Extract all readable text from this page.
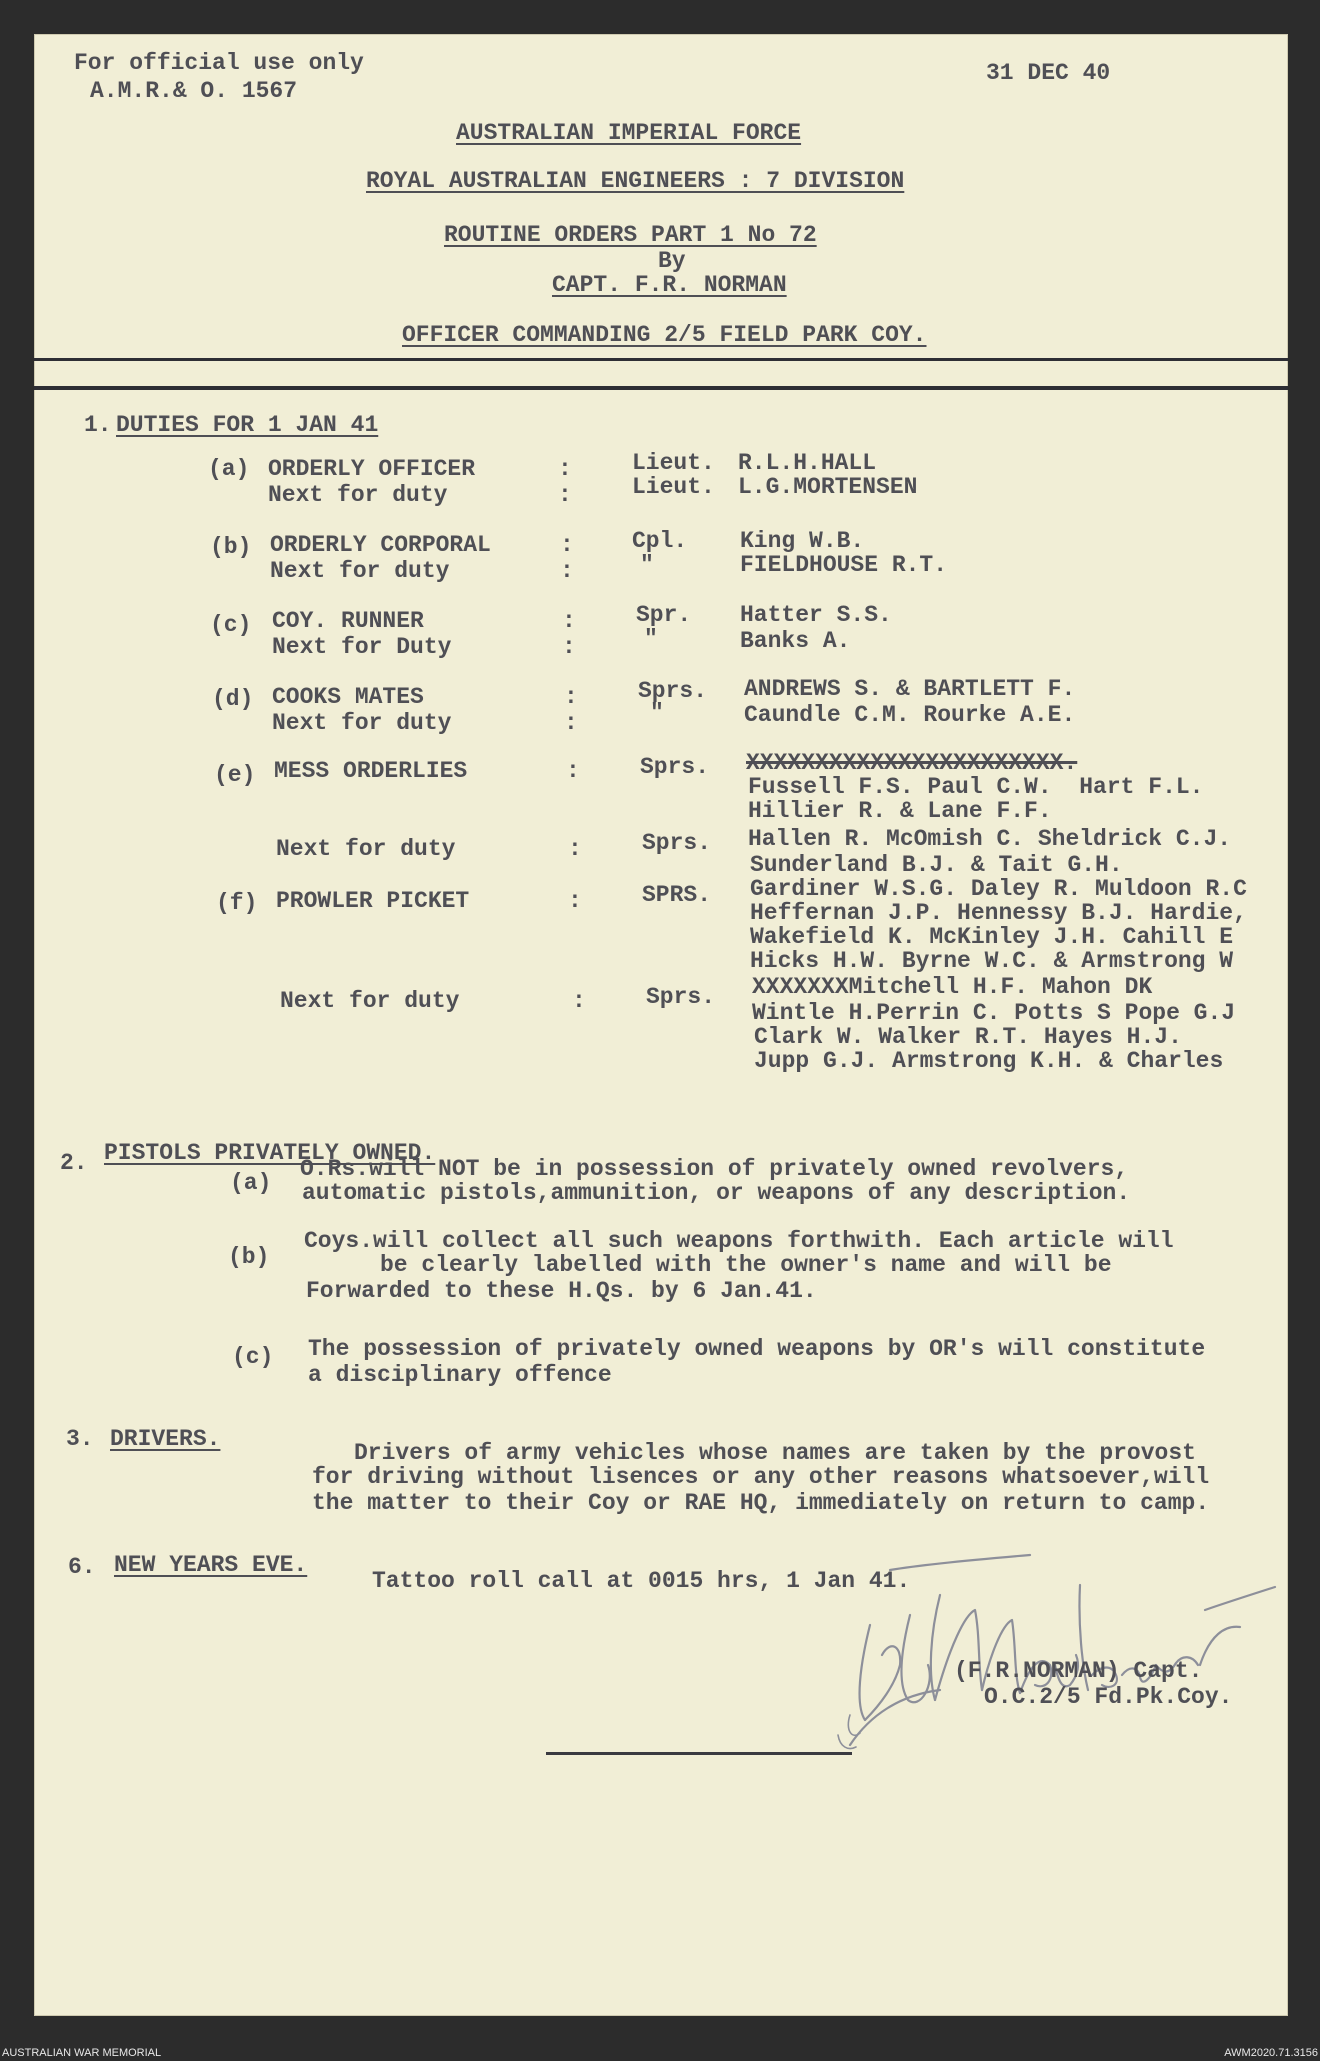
For official use only
A.M.R.& O. 1567
31 DEC 40
AUSTRALIAN IMPERIAL FORCE
ROYAL AUSTRALIAN ENGINEERS : 7 DIVISION
ROUTINE ORDERS PART 1 No 72
By
CAPT. F.R. NORMAN
OFFICER COMMANDING 2/5 FIELD PARK COY.
1. DUTIES FOR 1 JAN 41
(a) ORDERLY OFFICER	:	Lieut. R.L.H.HALL
Next for duty	:	Lieut. L.G.MORTENSEN
(b) ORDERLY CORPORAL	:	Cpl. King W.B.
Next for duty	:	"	FIELDHOUSE R.T.
(c) COY. RUNNER	:	Spr. Hatter S.S.
Next for Duty	:	"	Banks A.
(d) COOKS MATES	:	Sprs. ANDREWS S. & BARTLETT F.
Next for duty	:	"	Caundle C.M. Rourke A.E.
(e) MESS ORDERLIES	:	Sprs. XXXXXXXXXXXXXXXXXXXXXXX.
Fussell F.S. Paul C.W.  Hart F.L.
Hillier R. & Lane F.F.
Next for duty	:	Sprs. Hallen R. McOmish C. Sheldrick C.J.
Sunderland B.J. & Tait G.H.
(f) PROWLER PICKET	:	SPRS. Gardiner W.S.G. Daley R. Muldoon R.C
Heffernan J.P. Hennessy B.J. Hardie,
Wakefield K. McKinley J.H. Cahill E
Hicks H.W. Byrne W.C. & Armstrong W
Next for duty	:	Sprs. XXXXXXXMitchell H.F. Mahon DK
Wintle H.Perrin C. Potts S Pope G.J
Clark W. Walker R.T. Hayes H.J.
Jupp G.J. Armstrong K.H. & Charles
2. PISTOLS PRIVATELY OWNED.
(a)
O.Rs.will NOT be in possession of privately owned revolvers,
automatic pistols,ammunition, or weapons of any description.
(b)
Coys.will collect all such weapons forthwith. Each article will
be clearly labelled with the owner's name and will be
Forwarded to these H.Qs. by 6 Jan.41.
(c) The possession of privately owned weapons by OR's will constitute
a disciplinary offence
3. DRIVERS.
Drivers of army vehicles whose names are taken by the provost
for driving without lisences or any other reasons whatsoever,will
the matter to their Coy or RAE HQ, immediately on return to camp.
6. NEW YEARS EVE.
Tattoo roll call at 0015 hrs, 1 Jan 41.
(F.R.NORMAN) Capt.
O.C.2/5 Fd.Pk.Coy.
AUSTRALIAN WAR MEMORIAL	AWM2020.71.3156
